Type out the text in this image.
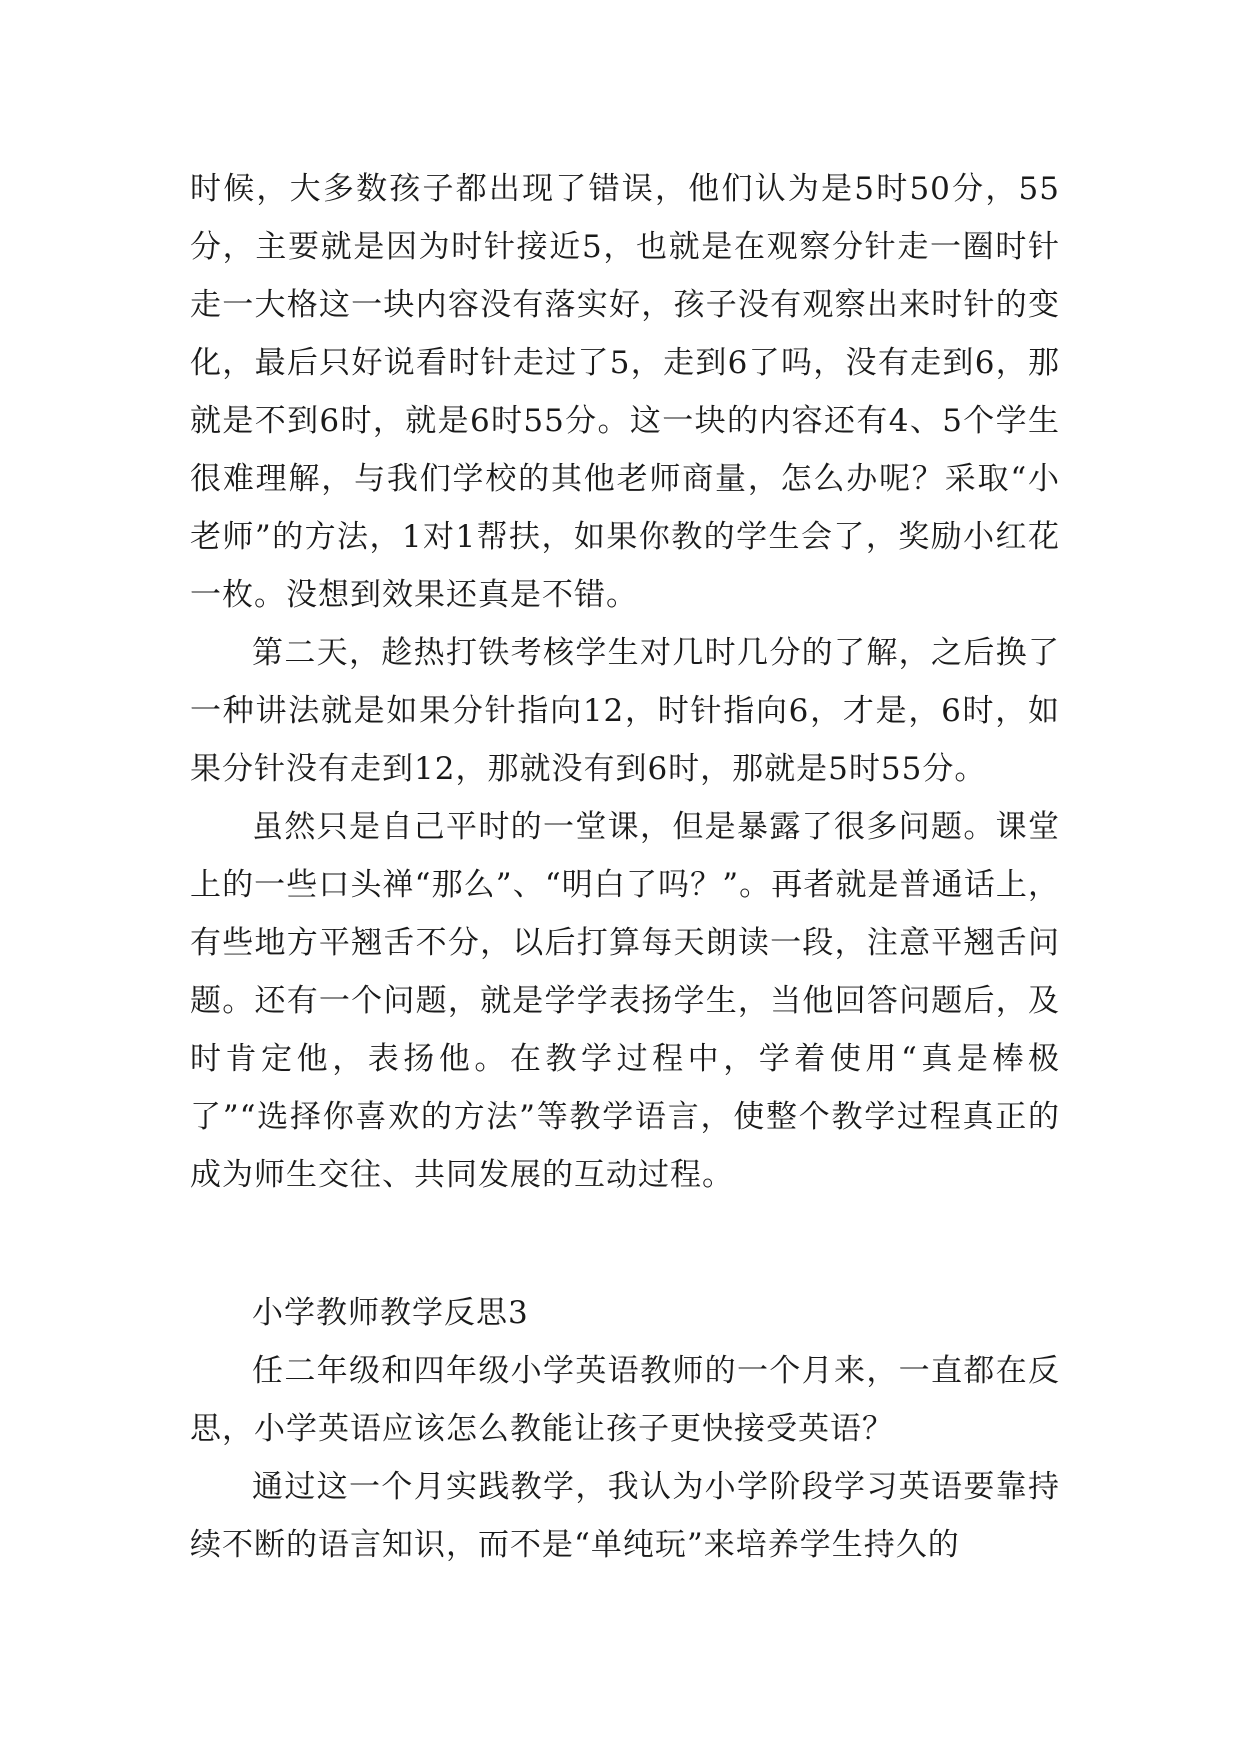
时候，大多数孩子都出现了错误，他们认为是5时50分，55分，主要就是因为时针接近5，也就是在观察分针走一圈时针走一大格这一块内容没有落实好，孩子没有观察出来时针的变化，最后只好说看时针走过了5，走到6了吗，没有走到6，那就是不到6时，就是6时55分。这一块的内容还有4、5个学生很难理解，与我们学校的其他老师商量，怎么办呢？采取“小老师”的方法，1对1帮扶，如果你教的学生会了，奖励小红花一枚。没想到效果还真是不错。

第二天，趁热打铁考核学生对几时几分的了解，之后换了一种讲法就是如果分针指向12，时针指向6，才是，6时，如果分针没有走到12，那就没有到6时，那就是5时55分。

虽然只是自己平时的一堂课，但是暴露了很多问题。课堂上的一些口头禅“那么”、“明白了吗？”。再者就是普通话上，有些地方平翘舌不分，以后打算每天朗读一段，注意平翘舌问题。还有一个问题，就是学学表扬学生，当他回答问题后，及时肯定他，表扬他。在教学过程中，学着使用“真是棒极了”“选择你喜欢的方法”等教学语言，使整个教学过程真正的成为师生交往、共同发展的互动过程。

小学教师教学反思3

任二年级和四年级小学英语教师的一个月来，一直都在反思，小学英语应该怎么教能让孩子更快接受英语？

通过这一个月实践教学，我认为小学阶段学习英语要靠持续不断的语言知识，而不是“单纯玩”来培养学生持久的
